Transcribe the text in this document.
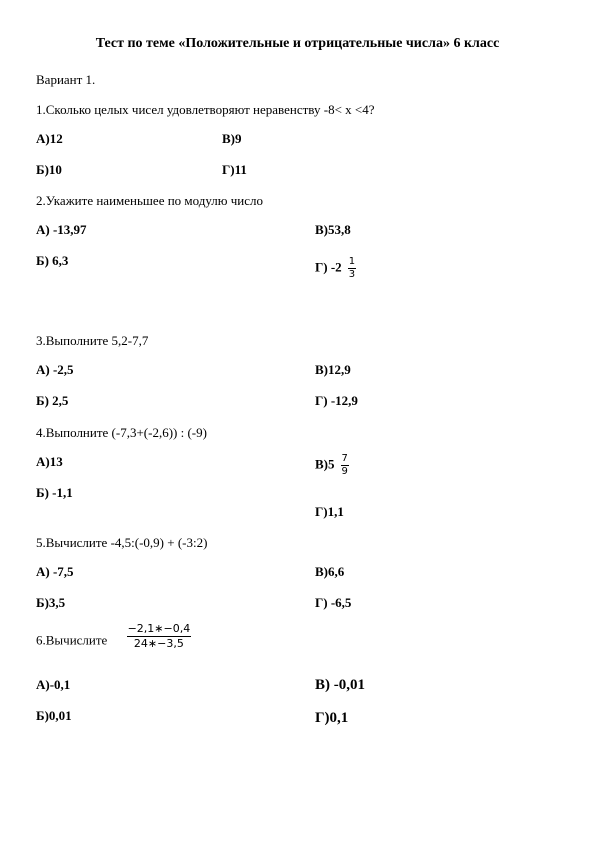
Тест по теме «Положительные и отрицательные числа» 6 класс
Вариант 1.
1.Сколько целых чисел удовлетворяют неравенству -8< x <4?
А)12	В)9
Б)10	Г)11
2.Укажите наименьшее по модулю число
А) -13,97	В)53,8
Б) 6,3	Г) $-2 \frac{1}{3}$
3.Выполните 5,2-7,7
А) -2,5	В)12,9
Б) 2,5	Г) -12,9
4.Выполните (-7,3+(-2,6)) : (-9)
А)13	$В)5 \frac{7}{9}$
Б) -1,1
Г)1,1
5.Вычислите -4,5:(-0,9) + (-3:2)
А) -7,5	В)6,6
Б)3,5	Г) -6,5
6.Вычислите $\frac{-2,1∗-0,4}{24∗-3,5}$
А)-0,1	В) -0,01
Б)0,01	Г)0,1
